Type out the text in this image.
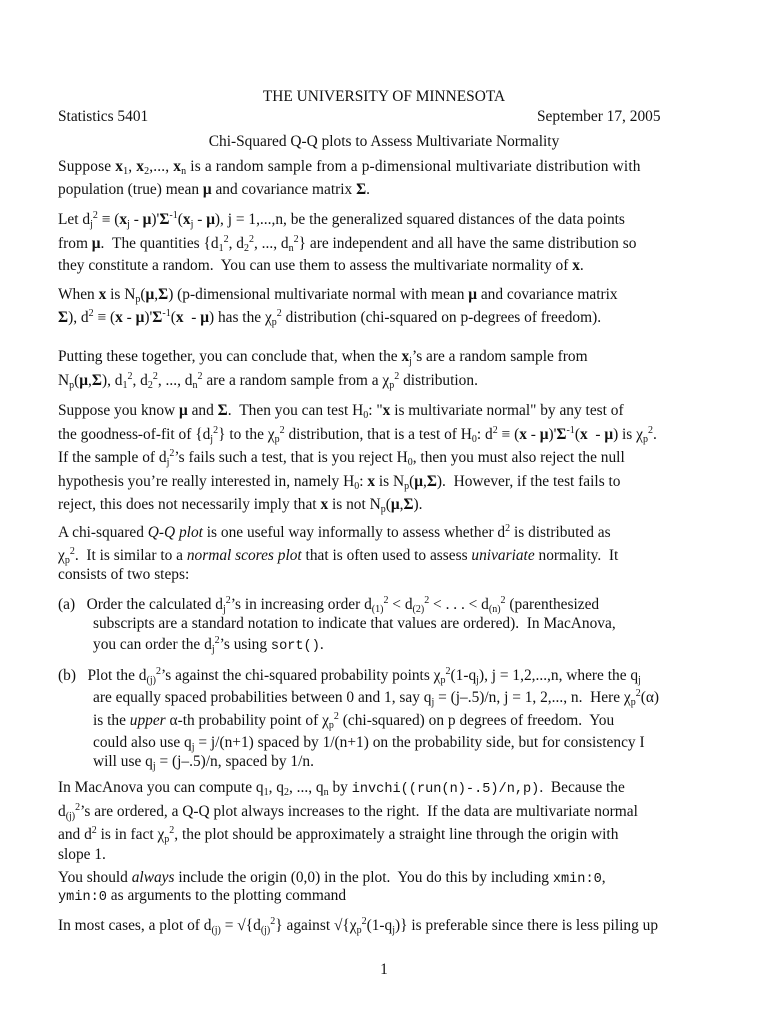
THE UNIVERSITY OF MINNESOTA
Statistics 5401	September 17, 2005
Chi-Squared Q-Q plots to Assess Multivariate Normality
Suppose $x_1$, $x_2$,..., $x_n$ is a random sample from a p-dimensional multivariate distribution with
population (true) mean μ and covariance matrix Σ.
Let $d_j^2 \equiv (x_j - \mu)'\Sigma^{-1}(x_j - \mu)$, j = 1,...,n, be the generalized squared distances of the data points
from μ.  The quantities {$d_1^2$, $d_2^2$, ..., $d_n^2$} are independent and all have the same distribution so
they constitute a random.  You can use them to assess the multivariate normality of x.
When x is $N_p(\mu,\Sigma)$ (p-dimensional multivariate normal with mean μ and covariance matrix
Σ), $d^2 \equiv (x - \mu)'\Sigma^{-1}(x - \mu)$ has the $\chi_p^2$ distribution (chi-squared on p-degrees of freedom).
Putting these together, you can conclude that, when the $x_j’s$ are a random sample from
$N_p(\mu,\Sigma)$, $d_1^2$, $d_2^2$, ..., $d_n^2$ are a random sample from a $\chi_p^2$ distribution.
Suppose you know μ and Σ.  Then you can test $H_0$: "x is multivariate normal" by any test of
the goodness-of-fit of $\{d_j^2\}$ to the $\chi_p^2$ distribution, that is a test of $H_0$: $d^2 \equiv (x - \mu)'\Sigma^{-1}(x - \mu)$ is $\chi_p^2$.
If the sample of $d_j^2’s$ fails such a test, that is you reject $H_0$, then you must also reject the null
hypothesis you’re really interested in, namely $H_0$: x is $N_p(\mu,\Sigma)$.  However, if the test fails to
reject, this does not necessarily imply that x is not $N_p(\mu,\Sigma)$.
A chi-squared Q-Q plot is one useful way informally to assess whether $d^2$ is distributed as
$\chi_p^2$.  It is similar to a normal scores plot that is often used to assess univariate normality.  It
consists of two steps:
(a)   Order the calculated $d_j^2’s$ in increasing order $d_{(1)}^2 < d_{(2)}^2$ < . . . < $d_{(n)}^2$ (parenthesized
subscripts are a standard notation to indicate that values are ordered).  In MacAnova,
you can order the $d_j^2’s$ using sort().
(b)   Plot the $d_{(j)}^2’s$ against the chi-squared probability points $\chi_p^2(1-q_j)$, j = 1,2,...,n, where the $q_j$
are equally spaced probabilities between 0 and 1, say $q_j = (j-.5)/n$, j = 1, 2,..., n.  Here $\chi_p^2(\alpha)$
is the upper α-th probability point of $\chi_p^2$ (chi-squared) on p degrees of freedom.  You
could also use $q_j = j/(n+1)$ spaced by 1/(n+1) on the probability side, but for consistency I
will use $q_j = (j-.5)/n$, spaced by 1/n.
In MacAnova you can compute $q_1$, $q_2$, ..., $q_n$ by invchi((run(n)-.5)/n,p).  Because the
$d_{(j)}^2’s$ are ordered, a Q-Q plot always increases to the right.  If the data are multivariate normal
and $d^2$ is in fact $\chi_p^2$, the plot should be approximately a straight line through the origin with
slope 1.
You should always include the origin (0,0) in the plot.  You do this by including xmin:0,
ymin:0 as arguments to the plotting command
In most cases, a plot of $d_{(j)} = √\{d_{(j)}^2\}$ against $√\{\chi_p^2(1-q_j)\}$ is preferable since there is less piling up
1
